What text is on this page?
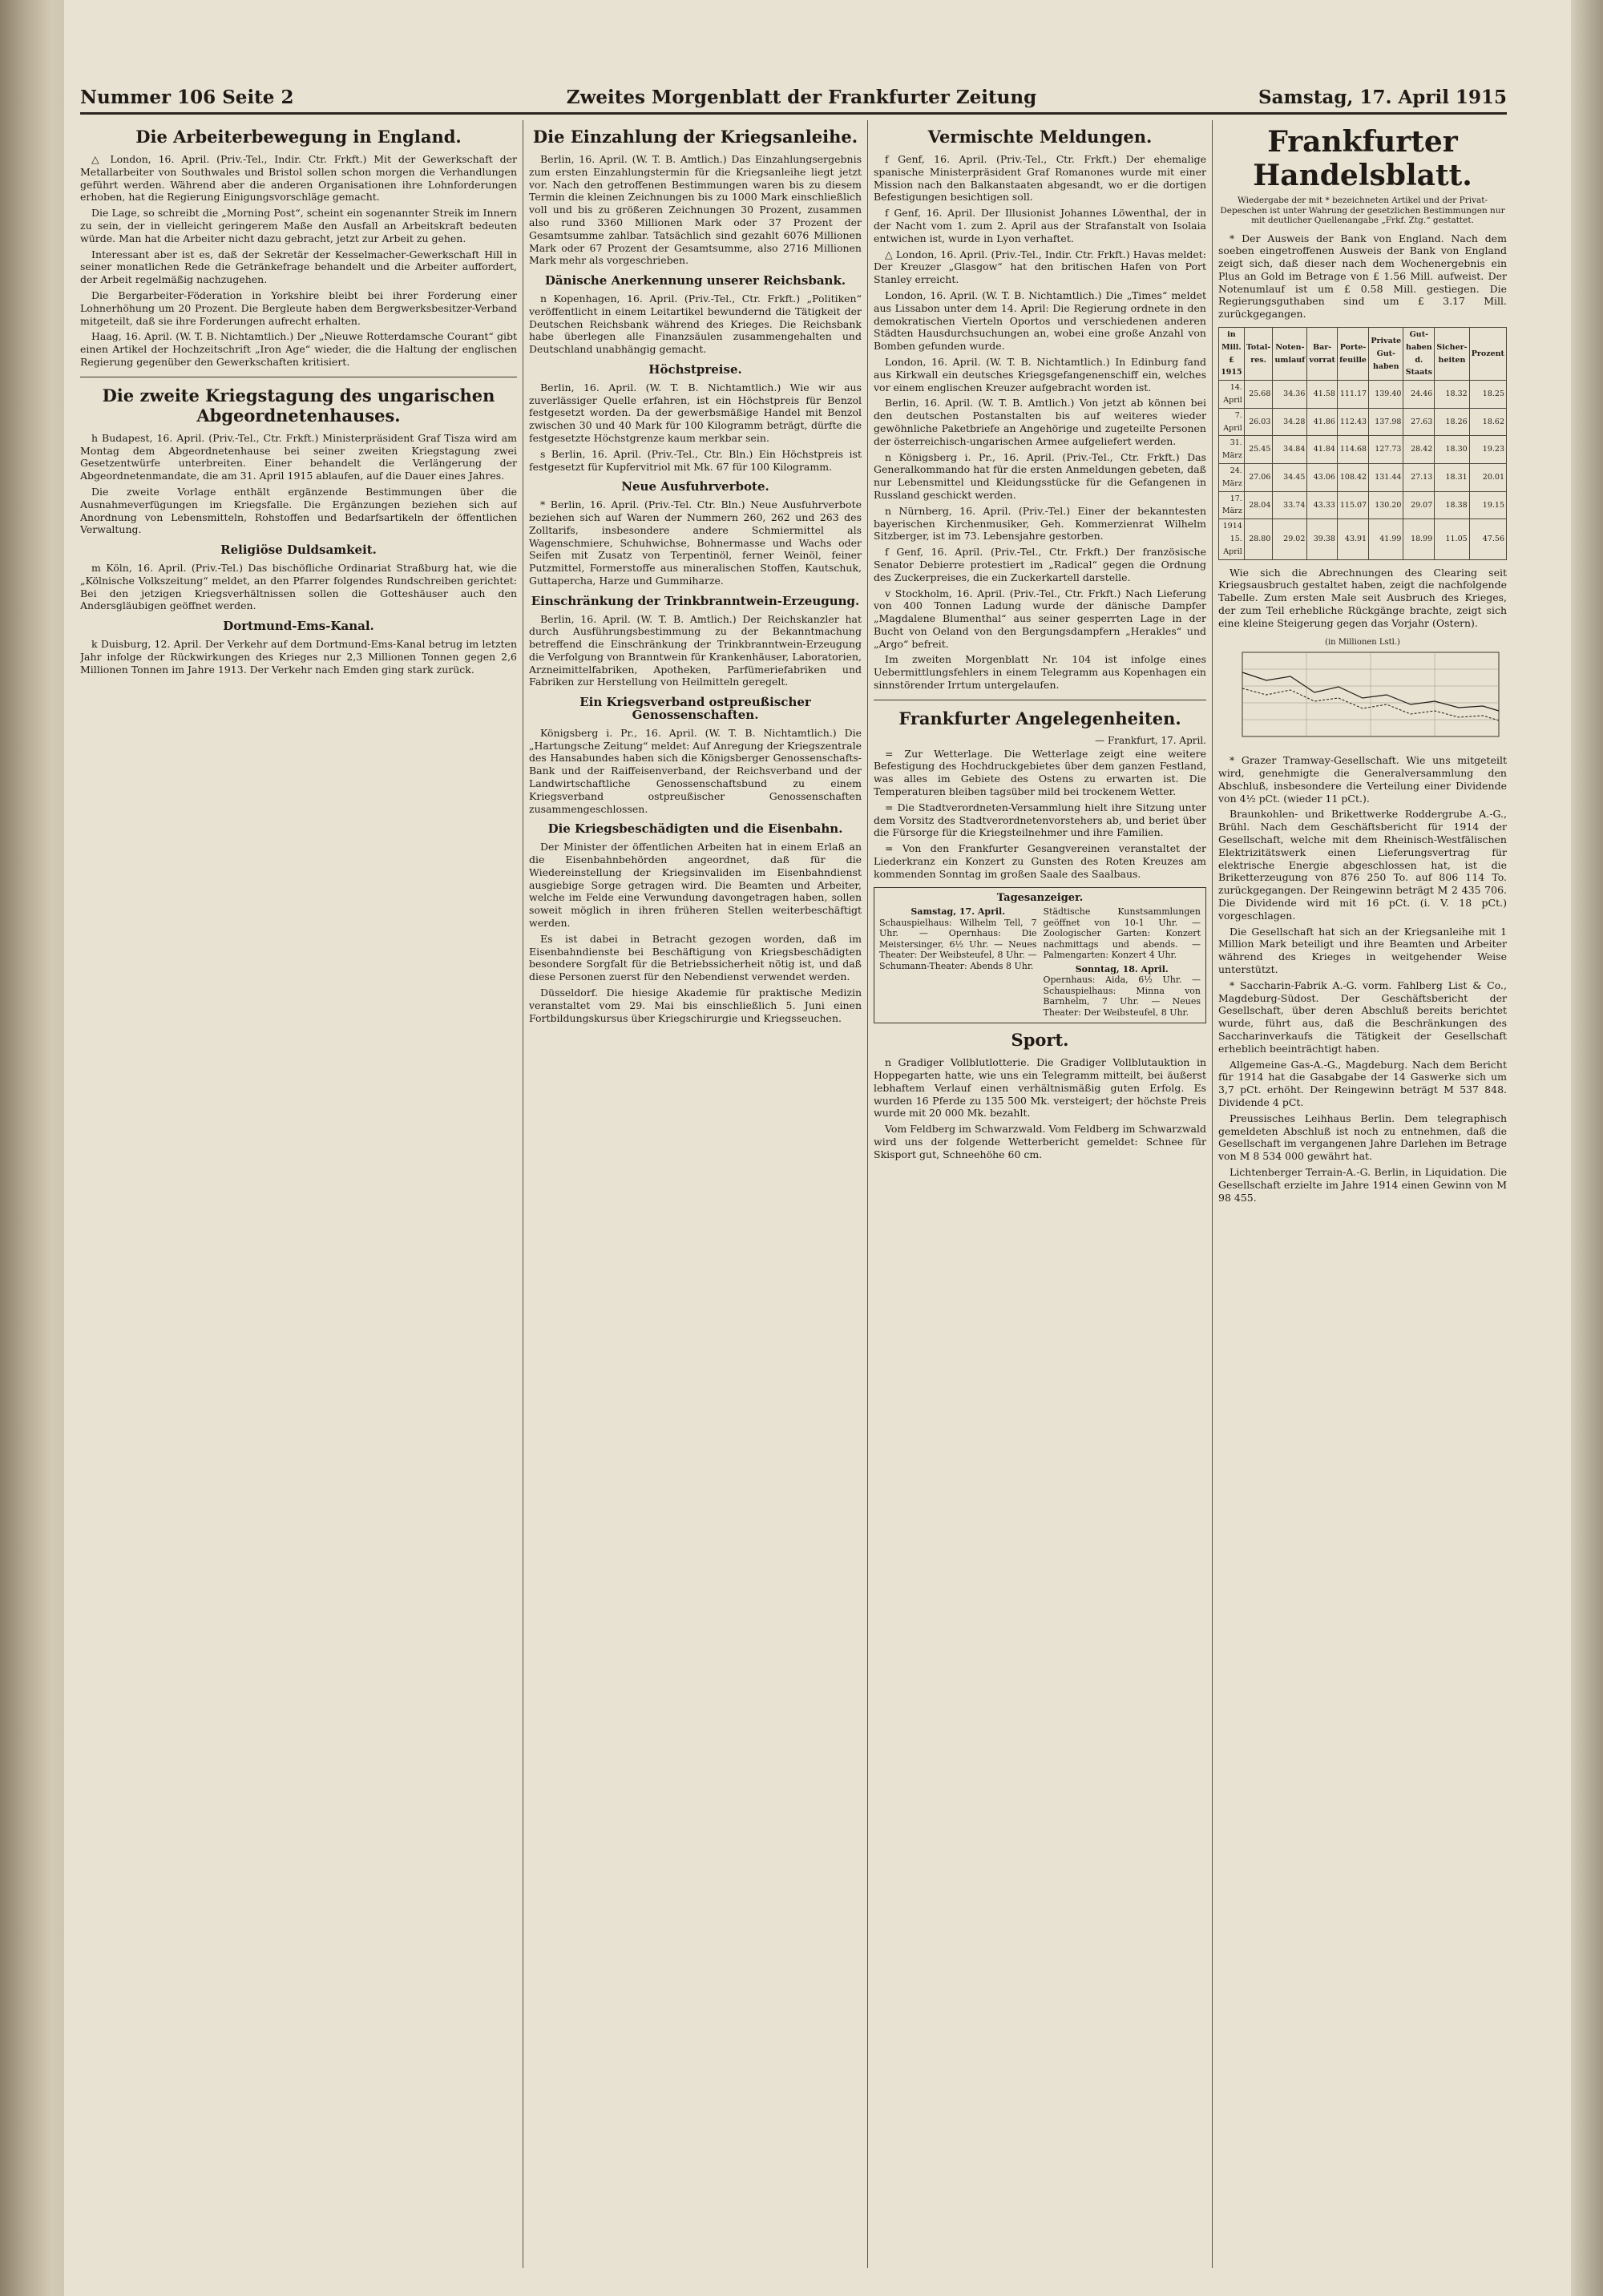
Nummer 106 Seite 2	Zweites Morgenblatt der Frankfurter Zeitung	Samstag, 17. April 1915
Die Arbeiterbewegung in England.

△ London, 16. April. (Priv.-Tel., Indir. Ctr. Frkft.) Mit der Gewerkschaft der Metallarbeiter von Southwales und Bristol sollen schon morgen die Verhandlungen geführt werden. Während aber die anderen Organisationen ihre Lohnforderungen erhoben, hat die Regierung Einigungsvorschläge gemacht.

Die Lage, so schreibt die „Morning Post“, scheint ein sogenannter Streik im Innern zu sein, der in vielleicht geringerem Maße den Ausfall an Arbeitskraft bedeuten würde. Man hat die Arbeiter nicht dazu gebracht, jetzt zur Arbeit zu gehen.

Interessant aber ist es, daß der Sekretär der Kesselmacher-Gewerkschaft Hill in seiner monatlichen Rede die Getränkefrage behandelt und die Arbeiter auffordert, der Arbeit regelmäßig nachzugehen.

Die Bergarbeiter-Föderation in Yorkshire bleibt bei ihrer Forderung einer Lohnerhöhung um 20 Prozent. Die Bergleute haben dem Bergwerksbesitzer-Verband mitgeteilt, daß sie ihre Forderungen aufrecht erhalten.

Haag, 16. April. (W. T. B. Nichtamtlich.) Der „Nieuwe Rotterdamsche Courant“ gibt einen Artikel der Hochzeitschrift „Iron Age“ wieder, die die Haltung der englischen Regierung gegenüber den Gewerkschaften kritisiert.

Die zweite Kriegstagung des ungarischen Abgeordnetenhauses.

h Budapest, 16. April. (Priv.-Tel., Ctr. Frkft.) Ministerpräsident Graf Tisza wird am Montag dem Abgeordnetenhause bei seiner zweiten Kriegstagung zwei Gesetzentwürfe unterbreiten. Einer behandelt die Verlängerung der Abgeordnetenmandate, die am 31. April 1915 ablaufen, auf die Dauer eines Jahres.

Die zweite Vorlage enthält ergänzende Bestimmungen über die Ausnahmeverfügungen im Kriegsfalle. Die Ergänzungen beziehen sich auf Anordnung von Lebensmitteln, Rohstoffen und Bedarfsartikeln der öffentlichen Verwaltung.

Religiöse Duldsamkeit.

m Köln, 16. April. (Priv.-Tel.) Das bischöfliche Ordinariat Straßburg hat, wie die „Kölnische Volkszeitung“ meldet, an den Pfarrer folgendes Rundschreiben gerichtet: Bei den jetzigen Kriegsverhältnissen sollen die Gotteshäuser auch den Andersgläubigen geöffnet werden.

Dortmund-Ems-Kanal.

k Duisburg, 12. April. Der Verkehr auf dem Dortmund-Ems-Kanal betrug im letzten Jahr infolge der Rückwirkungen des Krieges nur 2,3 Millionen Tonnen gegen 2,6 Millionen Tonnen im Jahre 1913. Der Verkehr nach Emden ging stark zurück.

Die Einzahlung der Kriegsanleihe.

Berlin, 16. April. (W. T. B. Amtlich.) Das Einzahlungsergebnis zum ersten Einzahlungstermin für die Kriegsanleihe liegt jetzt vor. Nach den getroffenen Bestimmungen waren bis zu diesem Termin die kleinen Zeichnungen bis zu 1000 Mark einschließlich voll und bis zu größeren Zeichnungen 30 Prozent, zusammen also rund 3360 Millionen Mark oder 37 Prozent der Gesamtsumme zahlbar. Tatsächlich sind gezahlt 6076 Millionen Mark oder 67 Prozent der Gesamtsumme, also 2716 Millionen Mark mehr als vorgeschrieben.

Dänische Anerkennung unserer Reichsbank.

n Kopenhagen, 16. April. (Priv.-Tel., Ctr. Frkft.) „Politiken“ veröffentlicht in einem Leitartikel bewundernd die Tätigkeit der Deutschen Reichsbank während des Krieges. Die Reichsbank habe überlegen alle Finanzsäulen zusammengehalten und Deutschland unabhängig gemacht.

Höchstpreise.

Berlin, 16. April. (W. T. B. Nichtamtlich.) Wie wir aus zuverlässiger Quelle erfahren, ist ein Höchstpreis für Benzol festgesetzt worden. Da der gewerbsmäßige Handel mit Benzol zwischen 30 und 40 Mark für 100 Kilogramm beträgt, dürfte die festgesetzte Höchstgrenze kaum merkbar sein.

s Berlin, 16. April. (Priv.-Tel., Ctr. Bln.) Ein Höchstpreis ist festgesetzt für Kupfervitriol mit Mk. 67 für 100 Kilogramm.

Neue Ausfuhrverbote.

* Berlin, 16. April. (Priv.-Tel. Ctr. Bln.) Neue Ausfuhrverbote beziehen sich auf Waren der Nummern 260, 262 und 263 des Zolltarifs, insbesondere andere Schmiermittel als Wagenschmiere, Schuhwichse, Bohnermasse und Wachs oder Seifen mit Zusatz von Terpentinöl, ferner Weinöl, feiner Putzmittel, Formerstoffe aus mineralischen Stoffen, Kautschuk, Guttapercha, Harze und Gummiharze.

Einschränkung der Trinkbranntwein-Erzeugung.

Berlin, 16. April. (W. T. B. Amtlich.) Der Reichskanzler hat durch Ausführungsbestimmung zu der Bekanntmachung betreffend die Einschränkung der Trinkbranntwein-Erzeugung die Verfolgung von Branntwein für Krankenhäuser, Laboratorien, Arzneimittelfabriken, Apotheken, Parfümeriefabriken und Fabriken zur Herstellung von Heilmitteln geregelt.

Ein Kriegsverband ostpreußischer Genossenschaften.

Königsberg i. Pr., 16. April. (W. T. B. Nichtamtlich.) Die „Hartungsche Zeitung“ meldet: Auf Anregung der Kriegszentrale des Hansabundes haben sich die Königsberger Genossenschafts-Bank und der Raiffeisenverband, der Reichsverband und der Landwirtschaftliche Genossenschaftsbund zu einem Kriegsverband ostpreußischer Genossenschaften zusammengeschlossen.

Die Kriegsbeschädigten und die Eisenbahn.

Der Minister der öffentlichen Arbeiten hat in einem Erlaß an die Eisenbahnbehörden angeordnet, daß für die Wiedereinstellung der Kriegsinvaliden im Eisenbahndienst ausgiebige Sorge getragen wird. Die Beamten und Arbeiter, welche im Felde eine Verwundung davongetragen haben, sollen soweit möglich in ihren früheren Stellen weiterbeschäftigt werden.

Es ist dabei in Betracht gezogen worden, daß im Eisenbahndienste bei Beschäftigung von Kriegsbeschädigten besondere Sorgfalt für die Betriebssicherheit nötig ist, und daß diese Personen zuerst für den Nebendienst verwendet werden.

Düsseldorf. Die hiesige Akademie für praktische Medizin veranstaltet vom 29. Mai bis einschließlich 5. Juni einen Fortbildungskursus über Kriegschirurgie und Kriegsseuchen.

Vermischte Meldungen.

f Genf, 16. April. (Priv.-Tel., Ctr. Frkft.) Der ehemalige spanische Ministerpräsident Graf Romanones wurde mit einer Mission nach den Balkanstaaten abgesandt, wo er die dortigen Befestigungen besichtigen soll.

f Genf, 16. April. Der Illusionist Johannes Löwenthal, der in der Nacht vom 1. zum 2. April aus der Strafanstalt von Isolaia entwichen ist, wurde in Lyon verhaftet.

△ London, 16. April. (Priv.-Tel., Indir. Ctr. Frkft.) Havas meldet: Der Kreuzer „Glasgow“ hat den britischen Hafen von Port Stanley erreicht.

London, 16. April. (W. T. B. Nichtamtlich.) Die „Times“ meldet aus Lissabon unter dem 14. April: Die Regierung ordnete in den demokratischen Vierteln Oportos und verschiedenen anderen Städten Hausdurchsuchungen an, wobei eine große Anzahl von Bomben gefunden wurde.

London, 16. April. (W. T. B. Nichtamtlich.) In Edinburg fand aus Kirkwall ein deutsches Kriegsgefangenenschiff ein, welches vor einem englischen Kreuzer aufgebracht worden ist.

Berlin, 16. April. (W. T. B. Amtlich.) Von jetzt ab können bei den deutschen Postanstalten bis auf weiteres wieder gewöhnliche Paketbriefe an Angehörige und zugeteilte Personen der österreichisch-ungarischen Armee aufgeliefert werden.

n Königsberg i. Pr., 16. April. (Priv.-Tel., Ctr. Frkft.) Das Generalkommando hat für die ersten Anmeldungen gebeten, daß nur Lebensmittel und Kleidungsstücke für die Gefangenen in Russland geschickt werden.

n Nürnberg, 16. April. (Priv.-Tel.) Einer der bekanntesten bayerischen Kirchenmusiker, Geh. Kommerzienrat Wilhelm Sitzberger, ist im 73. Lebensjahre gestorben.

f Genf, 16. April. (Priv.-Tel., Ctr. Frkft.) Der französische Senator Debierre protestiert im „Radical“ gegen die Ordnung des Zuckerpreises, die ein Zuckerkartell darstelle.

v Stockholm, 16. April. (Priv.-Tel., Ctr. Frkft.) Nach Lieferung von 400 Tonnen Ladung wurde der dänische Dampfer „Magdalene Blumenthal“ aus seiner gesperrten Lage in der Bucht von Oeland von den Bergungsdampfern „Herakles“ und „Argo“ befreit.

Im zweiten Morgenblatt Nr. 104 ist infolge eines Uebermittlungsfehlers in einem Telegramm aus Kopenhagen ein sinnstörender Irrtum untergelaufen.

Frankfurter Angelegenheiten.
— Frankfurt, 17. April.

= Zur Wetterlage. Die Wetterlage zeigt eine weitere Befestigung des Hochdruckgebietes über dem ganzen Festland, was alles im Gebiete des Ostens zu erwarten ist. Die Temperaturen bleiben tagsüber mild bei trockenem Wetter.

= Die Stadtverordneten-Versammlung hielt ihre Sitzung unter dem Vorsitz des Stadtverordnetenvorstehers ab, und beriet über die Fürsorge für die Kriegsteilnehmer und ihre Familien.

= Von den Frankfurter Gesangvereinen veranstaltet der Liederkranz ein Konzert zu Gunsten des Roten Kreuzes am kommenden Sonntag im großen Saale des Saalbaus.

Tagesanzeiger.
Samstag, 17. April.
Schauspielhaus: Wilhelm Tell, 7 Uhr. — Opernhaus: Die Meistersinger, 6½ Uhr. — Neues Theater: Der Weibsteufel, 8 Uhr. — Schumann-Theater: Abends 8 Uhr.
Städtische Kunstsammlungen geöffnet von 10-1 Uhr. — Zoologischer Garten: Konzert nachmittags und abends. — Palmengarten: Konzert 4 Uhr.
Sonntag, 18. April.
Opernhaus: Aida, 6½ Uhr. — Schauspielhaus: Minna von Barnhelm, 7 Uhr. — Neues Theater: Der Weibsteufel, 8 Uhr.
Sport.

n Gradiger Vollblutlotterie. Die Gradiger Vollblutauktion in Hoppegarten hatte, wie uns ein Telegramm mitteilt, bei äußerst lebhaftem Verlauf einen verhältnismäßig guten Erfolg. Es wurden 16 Pferde zu 135 500 Mk. versteigert; der höchste Preis wurde mit 20 000 Mk. bezahlt.

Vom Feldberg im Schwarzwald. Vom Feldberg im Schwarzwald wird uns der folgende Wetterbericht gemeldet: Schnee für Skisport gut, Schneehöhe 60 cm.

Frankfurter Handelsblatt.
Wiedergabe der mit * bezeichneten Artikel und der Privat-Depeschen ist unter Wahrung der gesetzlichen Bestimmungen nur mit deutlicher Quellenangabe „Frkf. Ztg.“ gestattet.

* Der Ausweis der Bank von England. Nach dem soeben eingetroffenen Ausweis der Bank von England zeigt sich, daß dieser nach dem Wochenergebnis ein Plus an Gold im Betrage von £ 1.56 Mill. aufweist. Der Notenumlauf ist um £ 0.58 Mill. gestiegen. Die Regierungsguthaben sind um £ 3.17 Mill. zurückgegangen.

in Mill. £ 1915	Total-res.	Noten-umlauf	Bar-vorrat	Porte-feuille	Private Gut-haben	Gut-haben d. Staats	Sicher-heiten	Prozent
14. April	25.68	34.36	41.58	111.17	139.40	24.46	18.32	18.25
7. April	26.03	34.28	41.86	112.43	137.98	27.63	18.26	18.62
31. März	25.45	34.84	41.84	114.68	127.73	28.42	18.30	19.23
24. März	27.06	34.45	43.06	108.42	131.44	27.13	18.31	20.01
17. März	28.04	33.74	43.33	115.07	130.20	29.07	18.38	19.15
1914 15. April	28.80	29.02	39.38	43.91	41.99	18.99	11.05	47.56

Wie sich die Abrechnungen des Clearing seit Kriegsausbruch gestaltet haben, zeigt die nachfolgende Tabelle. Zum ersten Male seit Ausbruch des Krieges, der zum Teil erhebliche Rückgänge brachte, zeigt sich eine kleine Steigerung gegen das Vorjahr (Ostern).

(in Millionen Lstl.)

* Grazer Tramway-Gesellschaft. Wie uns mitgeteilt wird, genehmigte die Generalversammlung den Abschluß, insbesondere die Verteilung einer Dividende von 4½ pCt. (wieder 11 pCt.).

Braunkohlen- und Brikettwerke Roddergrube A.-G., Brühl. Nach dem Geschäftsbericht für 1914 der Gesellschaft, welche mit dem Rheinisch-Westfälischen Elektrizitätswerk einen Lieferungsvertrag für elektrische Energie abgeschlossen hat, ist die Briketterzeugung von 876 250 To. auf 806 114 To. zurückgegangen. Der Reingewinn beträgt M 2 435 706. Die Dividende wird mit 16 pCt. (i. V. 18 pCt.) vorgeschlagen.

Die Gesellschaft hat sich an der Kriegsanleihe mit 1 Million Mark beteiligt und ihre Beamten und Arbeiter während des Krieges in weitgehender Weise unterstützt.

* Saccharin-Fabrik A.-G. vorm. Fahlberg List & Co., Magdeburg-Südost. Der Geschäftsbericht der Gesellschaft, über deren Abschluß bereits berichtet wurde, führt aus, daß die Beschränkungen des Saccharinverkaufs die Tätigkeit der Gesellschaft erheblich beeinträchtigt haben.

Allgemeine Gas-A.-G., Magdeburg. Nach dem Bericht für 1914 hat die Gasabgabe der 14 Gaswerke sich um 3,7 pCt. erhöht. Der Reingewinn beträgt M 537 848. Dividende 4 pCt.

Preussisches Leihhaus Berlin. Dem telegraphisch gemeldeten Abschluß ist noch zu entnehmen, daß die Gesellschaft im vergangenen Jahre Darlehen im Betrage von M 8 534 000 gewährt hat.

Lichtenberger Terrain-A.-G. Berlin, in Liquidation. Die Gesellschaft erzielte im Jahre 1914 einen Gewinn von M 98 455.
